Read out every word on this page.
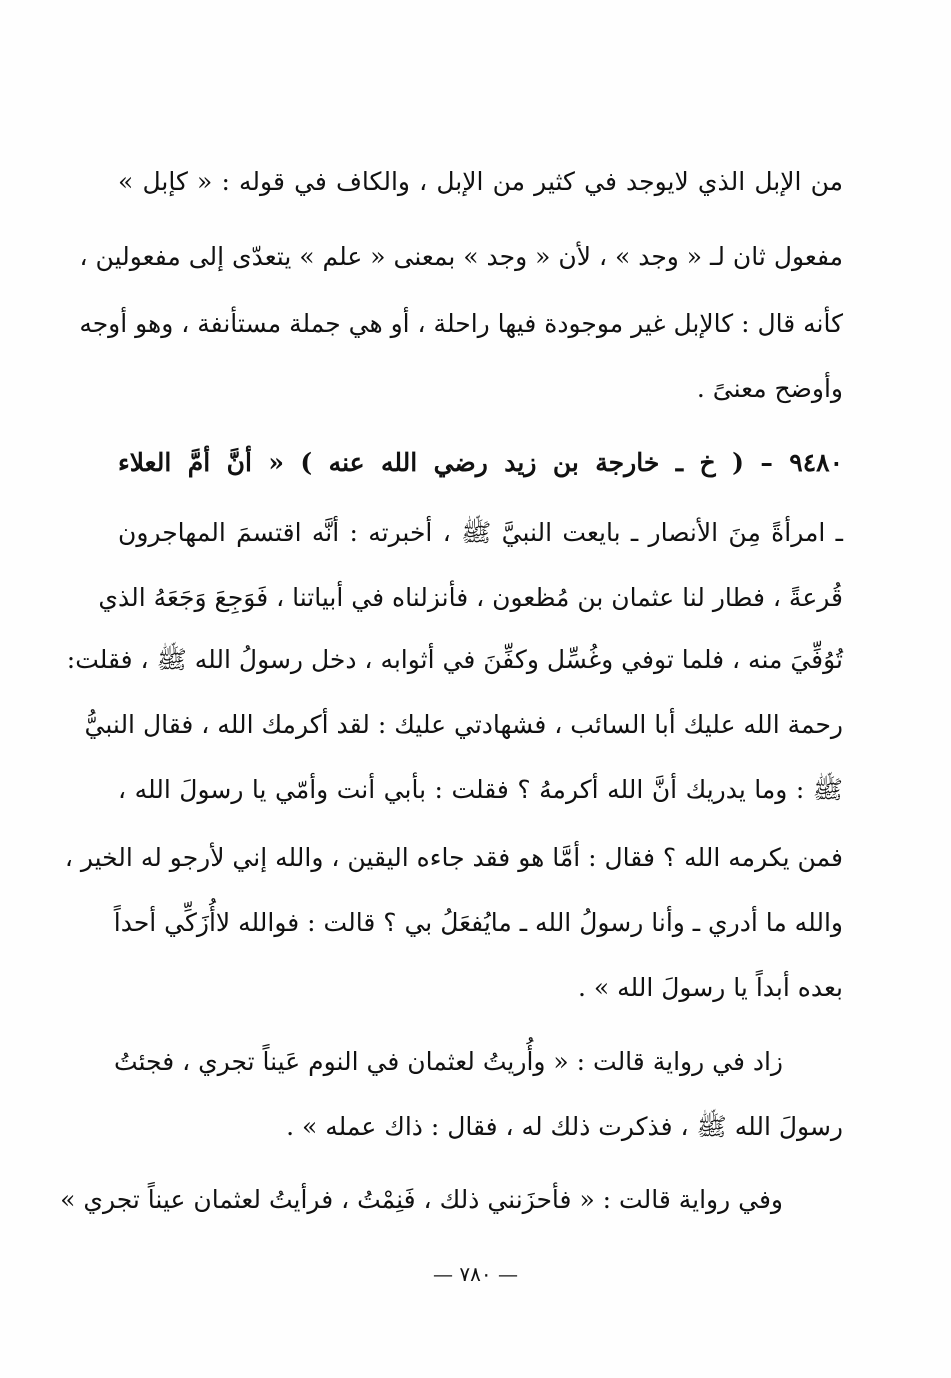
من الإبل الذي لايوجد في كثير من الإبل ، والكاف في قوله : « كإبل »
مفعول ثان لـ « وجد » ، لأن « وجد » بمعنى « علم » يتعدّى إلى مفعولين ،
كأنه قال : كالإبل غير موجودة فيها راحلة ، أو هي جملة مستأنفة ، وهو أوجه
وأوضح معنىً .
٩٤٨٠ – ( خ ـ خارجة بن زيد رضي الله عنه ) « أنَّ أمَّ العلاء
ـ امرأةً مِنَ الأنصار ـ بايعت النبيَّ ﷺ ، أخبرته : أنَّه اقتسمَ المهاجرون
قُرعةً ، فطار لنا عثمان بن مُظعون ، فأنزلناه في أبياتنا ، فَوَجِعَ وَجَعَهُ الذي
تُوُفِّيَ منه ، فلما توفي وغُسِّل وكفِّنَ في أثوابه ، دخل رسولُ الله ﷺ ، فقلت:
رحمة الله عليك أبا السائب ، فشهادتي عليك : لقد أكرمك الله ، فقال النبيُّ
ﷺ : وما يدريك أنَّ الله أكرمهُ ؟ فقلت : بأبي أنت وأمّي يا رسولَ الله ،
فمن يكرمه الله ؟ فقال : أمَّا هو فقد جاءه اليقين ، والله إني لأرجو له الخير ،
والله ما أدري ـ وأنا رسولُ الله ـ مايُفعَلُ بي ؟ قالت : فوالله لاأُزَكِّي أحداً
بعده أبداً يا رسولَ الله » .
زاد في رواية قالت : « وأُريتُ لعثمان في النوم عَيناً تجري ، فجئتُ
رسولَ الله ﷺ ، فذكرت ذلك له ، فقال : ذاك عمله » .
وفي رواية قالت : « فأحزَنني ذلك ، فَنِمْتُ ، فرأيتُ لعثمان عيناً تجري »
— ٧٨٠ —
